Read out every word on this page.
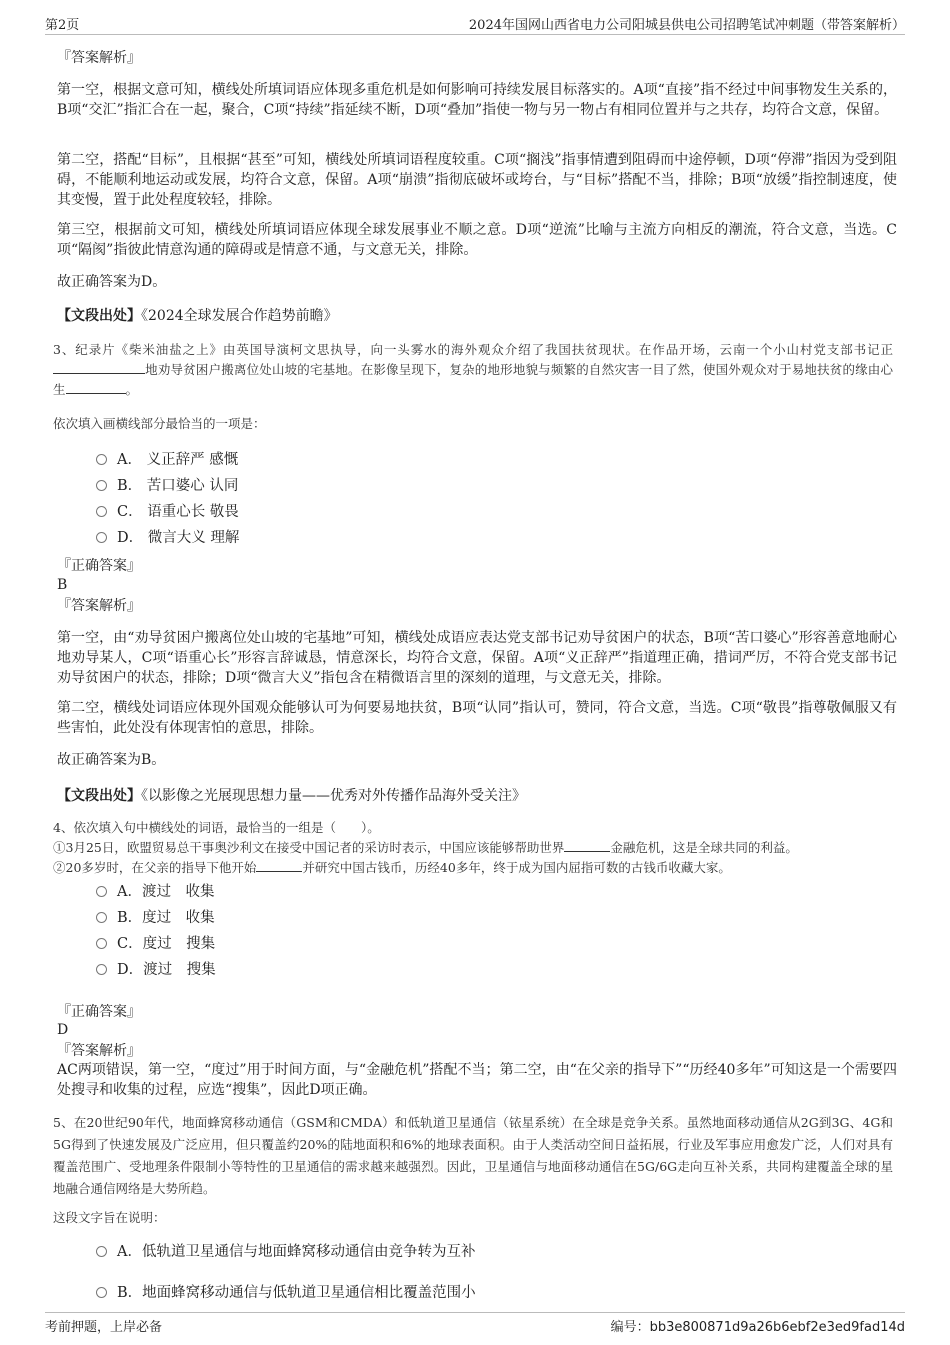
第2页	2024年国网山西省电力公司阳城县供电公司招聘笔试冲刺题（带答案解析）
『答案解析』
第一空，根据文意可知，横线处所填词语应体现多重危机是如何影响可持续发展目标落实的。A项“直接”指不经过中间事物发生关系的，B项“交汇”指汇合在一起，聚合，C项“持续”指延续不断，D项“叠加”指使一物与另一物占有相同位置并与之共存，均符合文意，保留。
第二空，搭配“目标”，且根据“甚至”可知，横线处所填词语程度较重。C项“搁浅”指事情遭到阻碍而中途停顿，D项“停滞”指因为受到阻碍，不能顺利地运动或发展，均符合文意，保留。A项“崩溃”指彻底破坏或垮台，与“目标”搭配不当，排除；B项“放缓”指控制速度，使其变慢，置于此处程度较轻，排除。
第三空，根据前文可知，横线处所填词语应体现全球发展事业不顺之意。D项“逆流”比喻与主流方向相反的潮流，符合文意，当选。C项“隔阂”指彼此情意沟通的障碍或是情意不通，与文意无关，排除。
故正确答案为D。
【文段出处】《2024全球发展合作趋势前瞻》
3、纪录片《柴米油盐之上》由英国导演柯文思执导，向一头雾水的海外观众介绍了我国扶贫现状。在作品开场，云南一个小山村党支部书记正地劝导贫困户搬离位处山坡的宅基地。在影像呈现下，复杂的地形地貌与频繁的自然灾害一目了然，使国外观众对于易地扶贫的缘由心生	。
依次填入画横线部分最恰当的一项是：
A． 义正辞严 感慨
B． 苦口婆心 认同
C． 语重心长 敬畏
D． 微言大义 理解
『正确答案』
B
『答案解析』
第一空，由“劝导贫困户搬离位处山坡的宅基地”可知，横线处成语应表达党支部书记劝导贫困户的状态，B项“苦口婆心”形容善意地耐心地劝导某人，C项“语重心长”形容言辞诚恳，情意深长，均符合文意，保留。A项“义正辞严”指道理正确，措词严厉，不符合党支部书记劝导贫困户的状态，排除；D项“微言大义”指包含在精微语言里的深刻的道理，与文意无关，排除。
第二空，横线处词语应体现外国观众能够认可为何要易地扶贫，B项“认同”指认可，赞同，符合文意，当选。C项“敬畏”指尊敬佩服又有些害怕，此处没有体现害怕的意思，排除。
故正确答案为B。
【文段出处】《以影像之光展现思想力量——优秀对外传播作品海外受关注》
4、依次填入句中横线处的词语，最恰当的一组是（　　）。
①3月25日，欧盟贸易总干事奥沙利文在接受中国记者的采访时表示，中国应该能够帮助世界	金融危机，这是全球共同的利益。
②20多岁时，在父亲的指导下他开始	并研究中国古钱币，历经40多年，终于成为国内屈指可数的古钱币收藏大家。
A．渡过　收集
B．度过　收集
C．度过　搜集
D．渡过　搜集
『正确答案』
D
『答案解析』
AC两项错误，第一空，“度过”用于时间方面，与“金融危机”搭配不当；第二空，由“在父亲的指导下”“历经40多年”可知这是一个需要四处搜寻和收集的过程，应选“搜集”，因此D项正确。
5、在20世纪90年代，地面蜂窝移动通信（GSM和CMDA）和低轨道卫星通信（铱星系统）在全球是竞争关系。虽然地面移动通信从2G到3G、4G和5G得到了快速发展及广泛应用，但只覆盖约20%的陆地面积和6%的地球表面积。由于人类活动空间日益拓展，行业及军事应用愈发广泛，人们对具有覆盖范围广、受地理条件限制小等特性的卫星通信的需求越来越强烈。因此，卫星通信与地面移动通信在5G/6G走向互补关系，共同构建覆盖全球的星地融合通信网络是大势所趋。
这段文字旨在说明：
A．低轨道卫星通信与地面蜂窝移动通信由竞争转为互补
B．地面蜂窝移动通信与低轨道卫星通信相比覆盖范围小
考前押题，上岸必备	编号：bb3e800871d9a26b6ebf2e3ed9fad14d
